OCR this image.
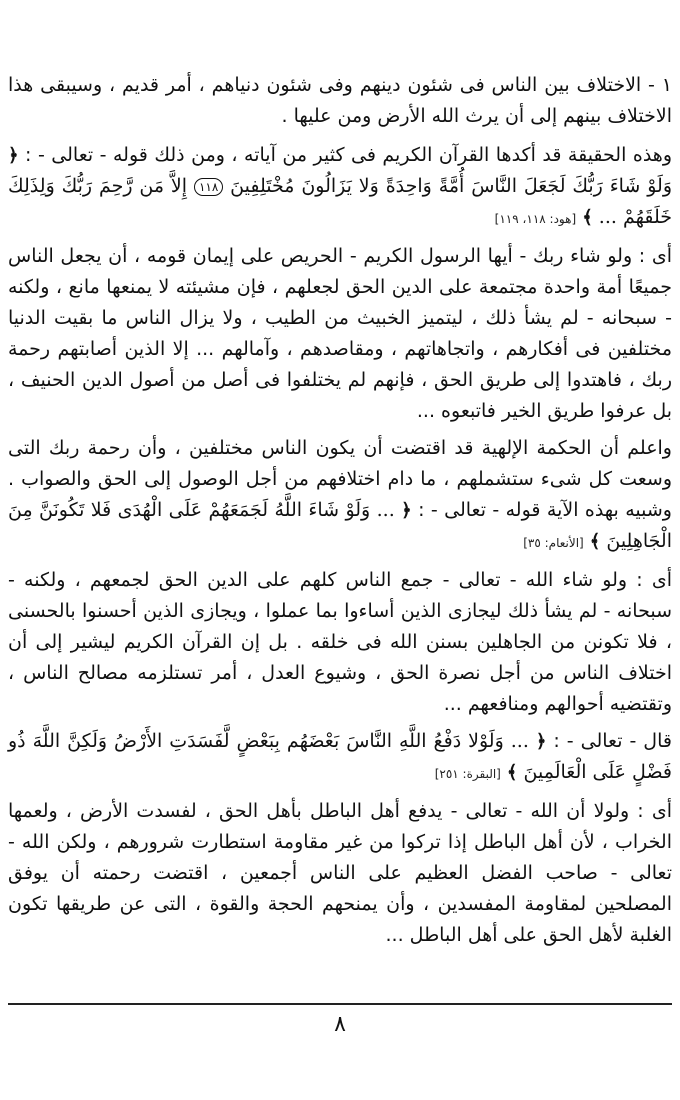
١ - الاختلاف بين الناس فى شئون دينهم وفى شئون دنياهم ، أمر قديم ، وسيبقى هذا الاختلاف بينهم إلى أن يرث الله الأرض ومن عليها .

وهذه الحقيقة قد أكدها القرآن الكريم فى كثير من آياته ، ومن ذلك قوله - تعالى - : ﴿ وَلَوْ شَاءَ رَبُّكَ لَجَعَلَ النَّاسَ أُمَّةً وَاحِدَةً وَلا يَزَالُونَ مُخْتَلِفِينَ ١١٨ إِلاَّ مَن رَّحِمَ رَبُّكَ وَلِذَلِكَ خَلَقَهُمْ ... ﴾ [هود: ١١٨، ١١٩]

أى : ولو شاء ربك - أيها الرسول الكريم - الحريص على إيمان قومه ، أن يجعل الناس جميعًا أمة واحدة مجتمعة على الدين الحق لجعلهم ، فإن مشيئته لا يمنعها مانع ، ولكنه - سبحانه - لم يشأ ذلك ، ليتميز الخبيث من الطيب ، ولا يزال الناس ما بقيت الدنيا مختلفين فى أفكارهم ، واتجاهاتهم ، ومقاصدهم ، وآمالهم ... إلا الذين أصابتهم رحمة ربك ، فاهتدوا إلى طريق الحق ، فإنهم لم يختلفوا فى أصل من أصول الدين الحنيف ، بل عرفوا طريق الخير فاتبعوه ...

واعلم أن الحكمة الإلهية قد اقتضت أن يكون الناس مختلفين ، وأن رحمة ربك التى وسعت كل شىء ستشملهم ، ما دام اختلافهم من أجل الوصول إلى الحق والصواب . وشبيه بهذه الآية قوله - تعالى - : ﴿ ... وَلَوْ شَاءَ اللَّهُ لَجَمَعَهُمْ عَلَى الْهُدَى فَلا تَكُونَنَّ مِنَ الْجَاهِلِينَ ﴾ [الأنعام: ٣٥]

أى : ولو شاء الله - تعالى - جمع الناس كلهم على الدين الحق لجمعهم ، ولكنه - سبحانه - لم يشأ ذلك ليجازى الذين أساءوا بما عملوا ، ويجازى الذين أحسنوا بالحسنى ، فلا تكونن من الجاهلين بسنن الله فى خلقه . بل إن القرآن الكريم ليشير إلى أن اختلاف الناس من أجل نصرة الحق ، وشيوع العدل ، أمر تستلزمه مصالح الناس ، وتقتضيه أحوالهم ومنافعهم ...

قال - تعالى - : ﴿ ... وَلَوْلا دَفْعُ اللَّهِ النَّاسَ بَعْضَهُم بِبَعْضٍ لَّفَسَدَتِ الأَرْضُ وَلَكِنَّ اللَّهَ ذُو فَضْلٍ عَلَى الْعَالَمِينَ ﴾ [البقرة: ٢٥١]

أى : ولولا أن الله - تعالى - يدفع أهل الباطل بأهل الحق ، لفسدت الأرض ، ولعمها الخراب ، لأن أهل الباطل إذا تركوا من غير مقاومة استطارت شرورهم ، ولكن الله - تعالى - صاحب الفضل العظيم على الناس أجمعين ، اقتضت رحمته أن يوفق المصلحين لمقاومة المفسدين ، وأن يمنحهم الحجة والقوة ، التى عن طريقها تكون الغلبة لأهل الحق على أهل الباطل ...

٨
